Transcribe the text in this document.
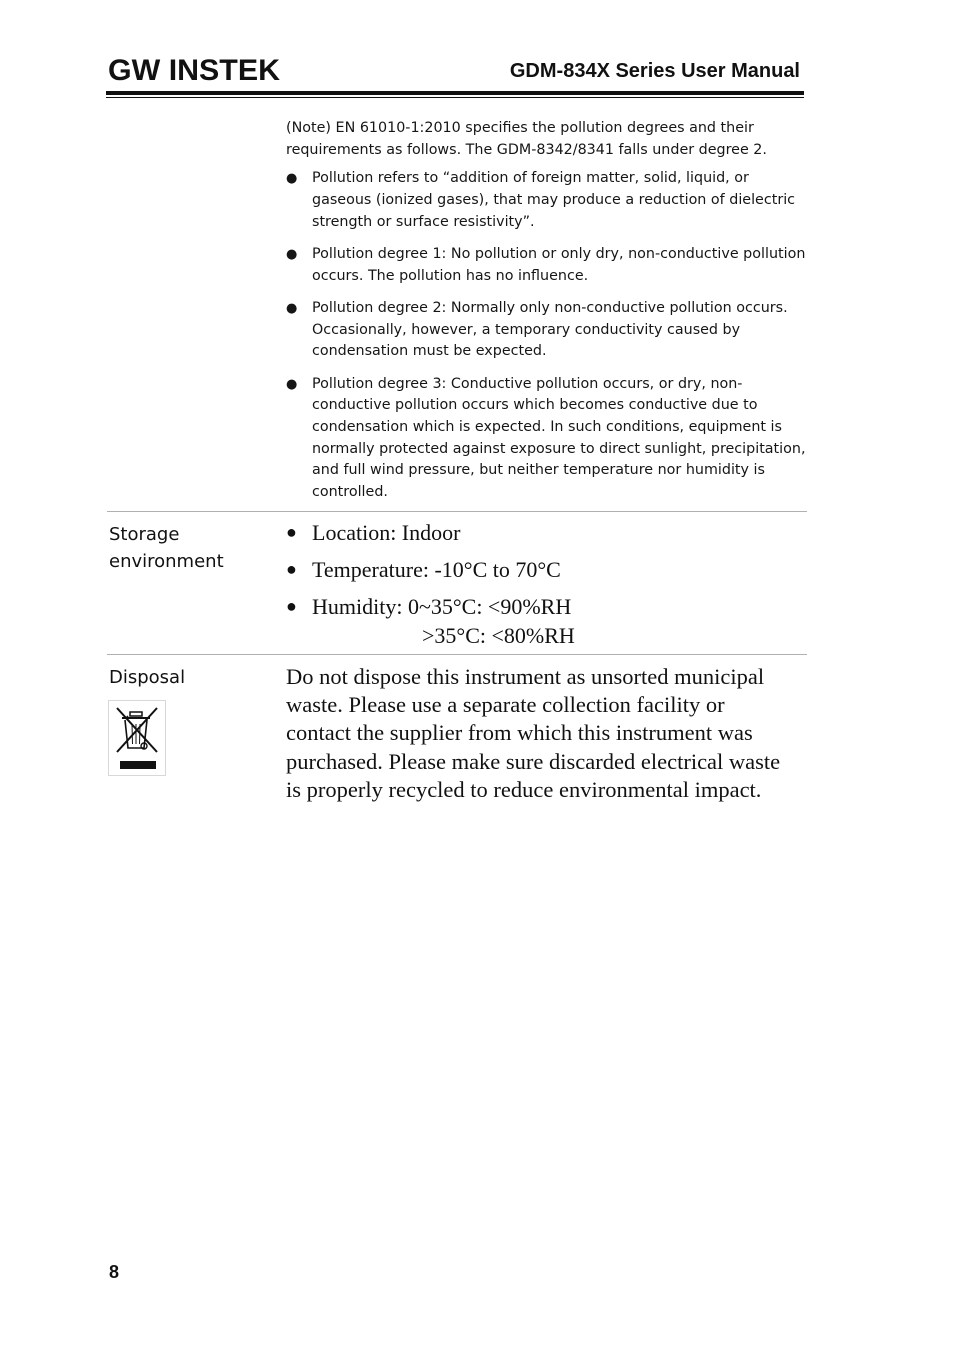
GW INSTEK	GDM-834X Series User Manual

(Note) EN 61010-1:2010 specifies the pollution degrees and their requirements as follows. The GDM-8342/8341 falls under degree 2.

● Pollution refers to “addition of foreign matter, solid, liquid, or gaseous (ionized gases), that may produce a reduction of dielectric strength or surface resistivity”.
● Pollution degree 1: No pollution or only dry, non-conductive pollution occurs. The pollution has no influence.
● Pollution degree 2: Normally only non-conductive pollution occurs. Occasionally, however, a temporary conductivity caused by condensation must be expected.
● Pollution degree 3: Conductive pollution occurs, or dry, non-conductive pollution occurs which becomes conductive due to condensation which is expected. In such conditions, equipment is normally protected against exposure to direct sunlight, precipitation, and full wind pressure, but neither temperature nor humidity is controlled.
Storage
environment
● Location: Indoor
● Temperature: -10°C to 70°C
● Humidity: 0~35°C: <90%RH
>35°C: <80%RH
Disposal	Do not dispose this instrument as unsorted municipal waste. Please use a separate collection facility or contact the supplier from which this instrument was purchased. Please make sure discarded electrical waste is properly recycled to reduce environmental impact.
8
